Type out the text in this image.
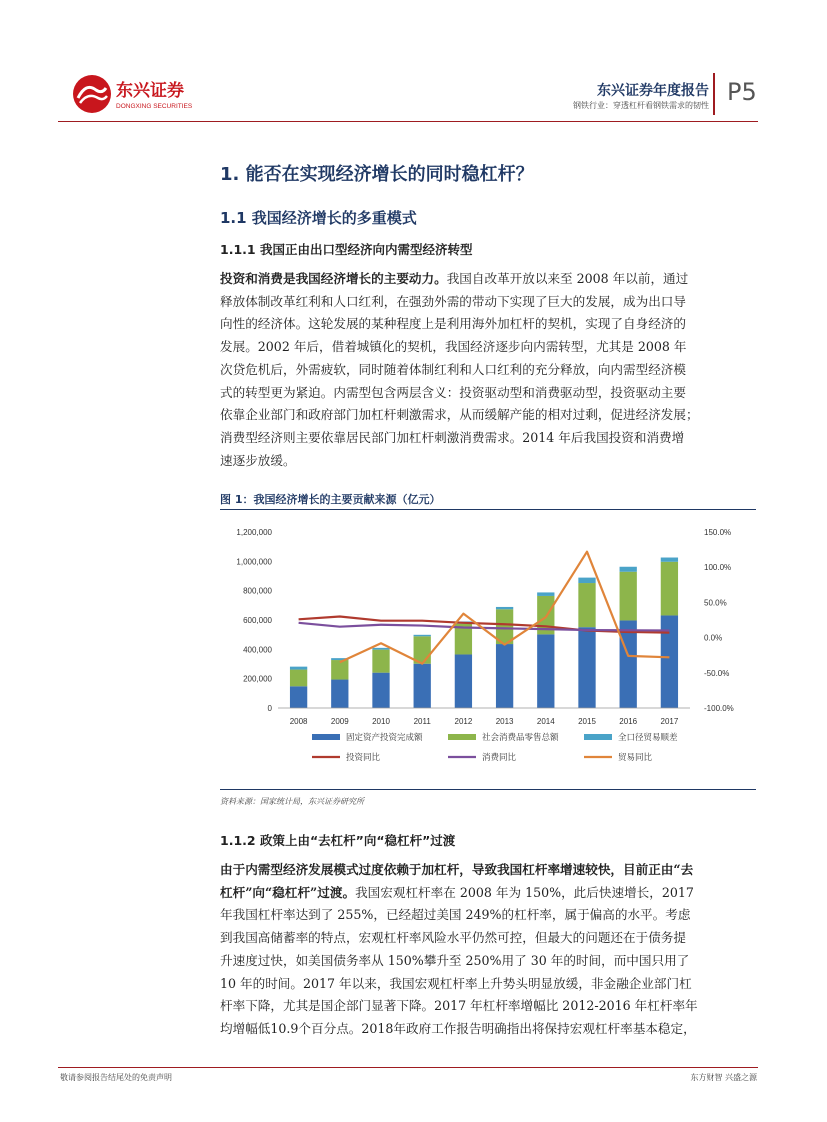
东兴证券
DONGXING SECURITIES
东兴证券年度报告
钢铁行业：穿透杠杆看钢铁需求的韧性 P5
1. 能否在实现经济增长的同时稳杠杆？
1.1 我国经济增长的多重模式
1.1.1 我国正由出口型经济向内需型经济转型
投资和消费是我国经济增长的主要动力。我国自改革开放以来至 2008 年以前，通过
释放体制改革红利和人口红利，在强劲外需的带动下实现了巨大的发展，成为出口导
向性的经济体。这轮发展的某种程度上是利用海外加杠杆的契机，实现了自身经济的
发展。2002 年后，借着城镇化的契机，我国经济逐步向内需转型，尤其是 2008 年
次贷危机后，外需疲软，同时随着体制红利和人口红利的充分释放，向内需型经济模
式的转型更为紧迫。内需型包含两层含义：投资驱动型和消费驱动型，投资驱动主要
依靠企业部门和政府部门加杠杆刺激需求，从而缓解产能的相对过剩，促进经济发展；
消费型经济则主要依靠居民部门加杠杆刺激消费需求。2014 年后我国投资和消费增
速逐步放缓。
图 1：我国经济增长的主要贡献来源（亿元）
0
200,000
400,000
600,000
800,000
1,000,000
1,200,000
-100.0%
-50.0%
0.0%
50.0%
100.0%
150.0%
2008	2009	2010	2011	2012	2013	2014	2015	2016	2017
固定资产投资完成额	社会消费品零售总额	全口径贸易顺差
投资同比	消费同比	贸易同比
资料来源：国家统计局，东兴证券研究所
1.1.2 政策上由“去杠杆”向“稳杠杆”过渡
由于内需型经济发展模式过度依赖于加杠杆，导致我国杠杆率增速较快，目前正由“去
杠杆”向“稳杠杆”过渡。我国宏观杠杆率在 2008 年为 150%，此后快速增长，2017
年我国杠杆率达到了 255%，已经超过美国 249%的杠杆率，属于偏高的水平。考虑
到我国高储蓄率的特点，宏观杠杆率风险水平仍然可控，但最大的问题还在于债务提
升速度过快，如美国债务率从 150%攀升至 250%用了 30 年的时间，而中国只用了
10 年的时间。2017 年以来，我国宏观杠杆率上升势头明显放缓，非金融企业部门杠
杆率下降，尤其是国企部门显著下降。2017 年杠杆率增幅比 2012-2016 年杠杆率年
均增幅低10.9个百分点。2018年政府工作报告明确指出将保持宏观杠杆率基本稳定，
敬请参阅报告结尾处的免责声明	东方财智 兴盛之源
